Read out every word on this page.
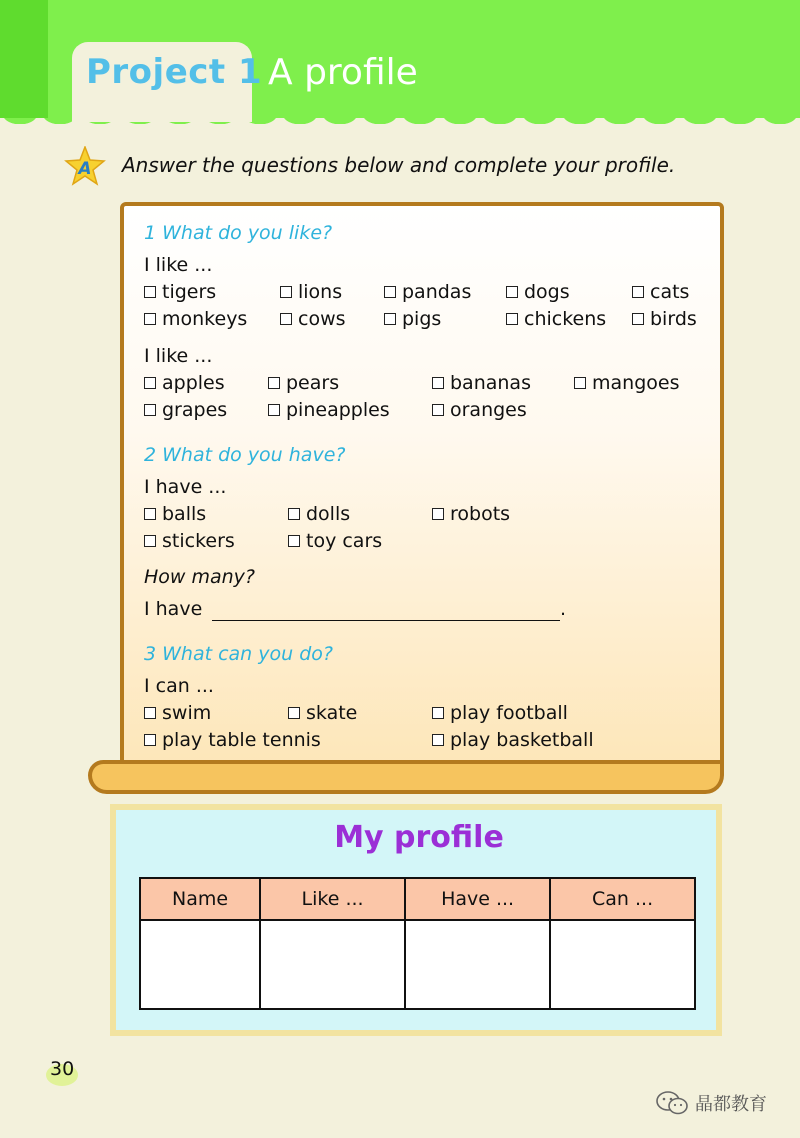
Project 1 A profile
A Answer the questions below and complete your profile.
1 What do you like?
I like ...
tigers	lions	pandas	dogs	cats
monkeys	cows	pigs	chickens birds
I like ...
apples	pears	bananas	mangoes
grapes	pineapples	oranges
2 What do you have?
I have ...
balls	dolls	robots
stickers	toy cars
How many?
I have	.
3 What can you do?
I can ...
swim	skate	play football
play table tennis	play basketball
My profile
Name	Like ...	Have ...	Can ...

30
晶都教育
